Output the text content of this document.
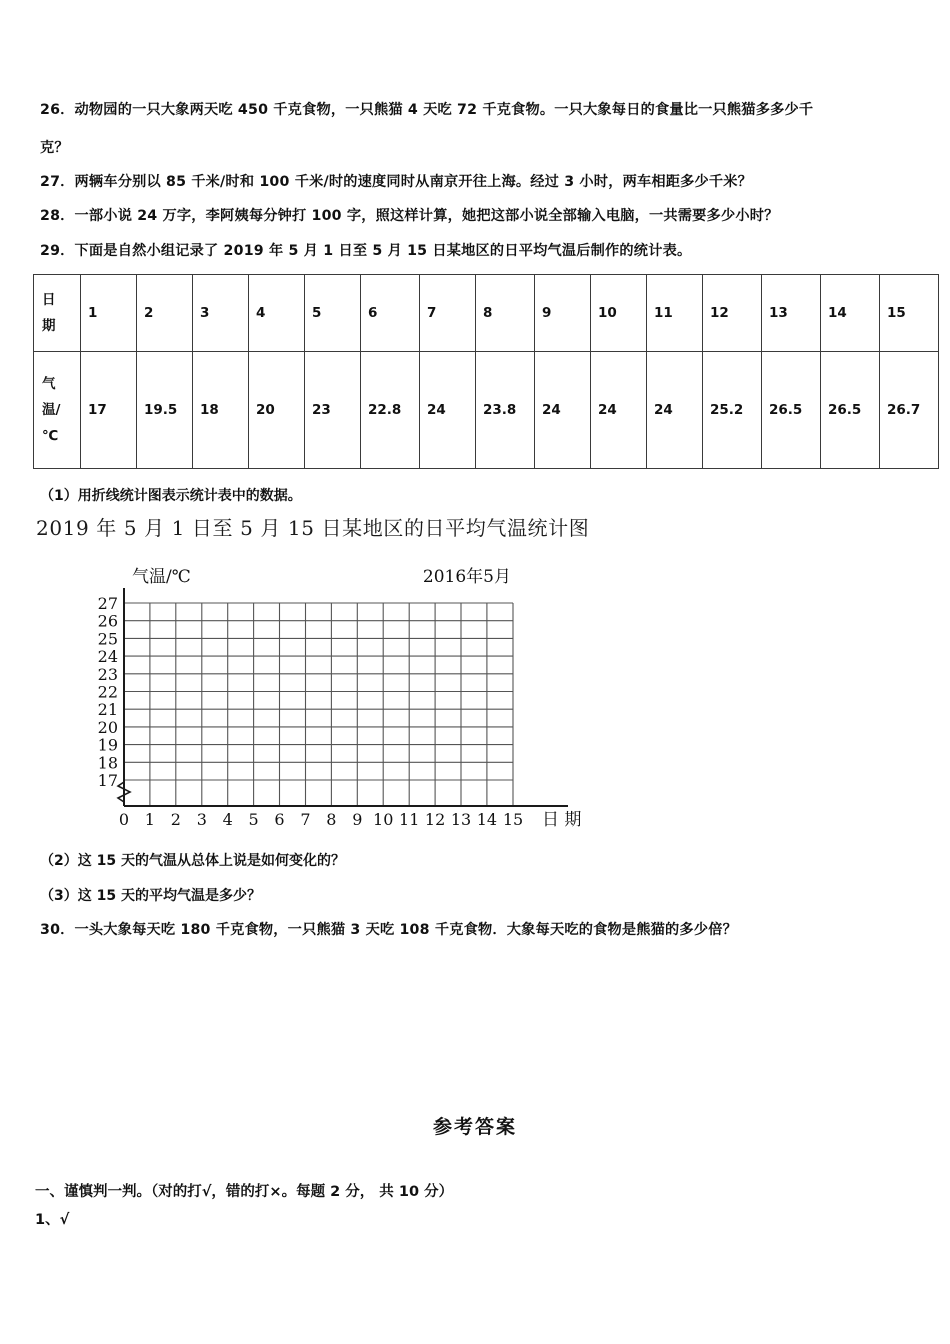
26．动物园的一只大象两天吃 450 千克食物，一只熊猫 4 天吃 72 千克食物。一只大象每日的食量比一只熊猫多多少千
克？
27．两辆车分别以 85 千米/时和 100 千米/时的速度同时从南京开往上海。经过 3 小时，两车相距多少千米？
28．一部小说 24 万字，李阿姨每分钟打 100 字，照这样计算，她把这部小说全部输入电脑，一共需要多少小时？
29．下面是自然小组记录了 2019 年 5 月 1 日至 5 月 15 日某地区的日平均气温后制作的统计表。
日
期	1	2	3	4	5	6	7	8	9	10	11	12	13	14	15

气
温/
℃	17	19.5	18	20	23	22.8	24	23.8	24	24	24	25.2	26.5	26.5	26.7
（1）用折线统计图表示统计表中的数据。
2019 年 5 月 1 日至 5 月 15 日某地区的日平均气温统计图
27
26
25
24
23
22
21
20
19
18
17
0 1 2 3 4 5 6 7 8 9 10 11 12 13 14 15
气温/℃	2016年5月
日 期
（2）这 15 天的气温从总体上说是如何变化的？
（3）这 15 天的平均气温是多少？
30．一头大象每天吃 180 千克食物，一只熊猫 3 天吃 108 千克食物．大象每天吃的食物是熊猫的多少倍？
参考答案
一、谨慎判一判。（对的打√，错的打×。每题 2 分， 共 10 分）
1、√
